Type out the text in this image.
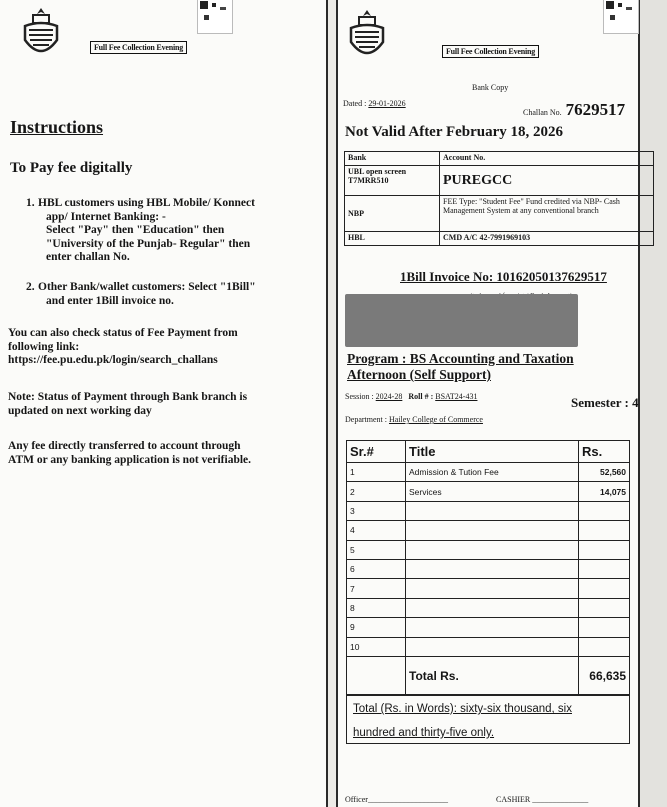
Full Fee Collection Evening
Instructions
To Pay fee digitally
1. HBL customers using HBL Mobile/ Konnect
app/ Internet Banking: -
Select "Pay" then "Education" then
"University of the Punjab- Regular" then
enter challan No.
2. Other Bank/wallet customers: Select "1Bill"
and enter 1Bill invoice no.
You can also check status of Fee Payment from
following link:
https://fee.pu.edu.pk/login/search_challans
Note: Status of Payment through Bank branch is
updated on next working day
Any fee directly transferred to account through
ATM or any banking application is not verifiable.
Full Fee Collection Evening
Bank Copy
Dated : 29-01-2026
Challan No. 7629517
Not Valid After February 18, 2026
Bank	Account No.
UBL open screen T7MRR510	PUREGCC
NBP	FEE Type: "Student Fee" Fund credited via NBP- Cash Management System at any conventional branch
HBL	CMD A/C 42-7991969103
1Bill Invoice No: 10162050137629517
Program : BS Accounting and Taxation
Afternoon (Self Support)
Session : 2024-28 Roll # : BSAT24-431	Semester : 4
Department : Hailey College of Commerce
Sr.#	Title	Rs.
1	Admission & Tution Fee	52,560
2	Services	14,075
3		
4		
5		
6		
7		
8		
9		
10		
	Total Rs.	66,635
Total (Rs. in Words): sixty-six thousand, six
hundred and thirty-five only.
Officer____________________	CASHIER ______________
